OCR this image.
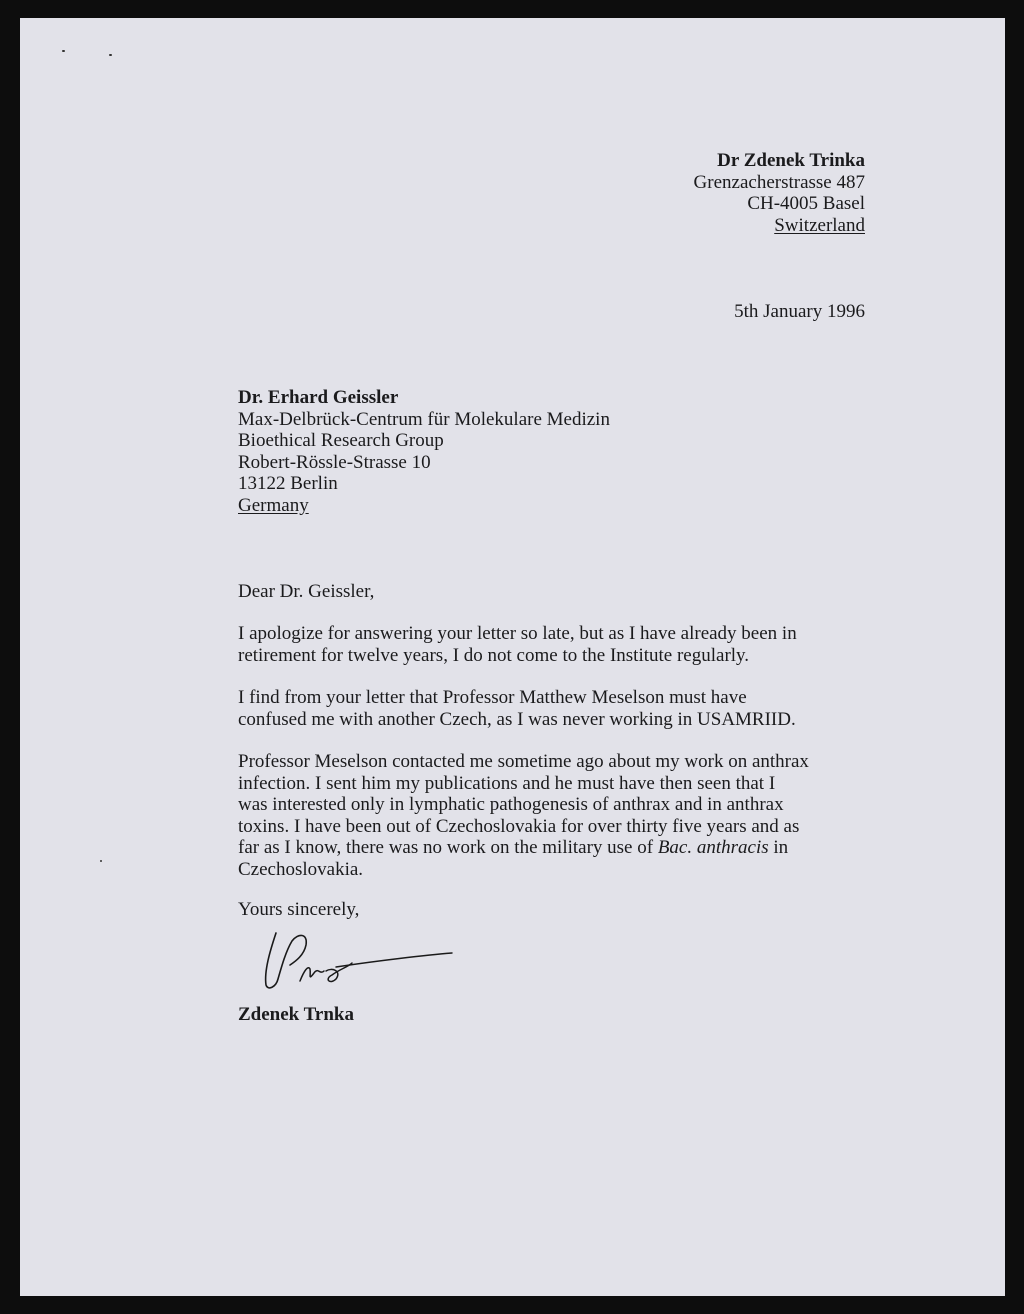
Dr Zdenek Trinka
Grenzacherstrasse 487
CH-4005 Basel
Switzerland
5th January 1996
Dr. Erhard Geissler
Max-Delbrück-Centrum für Molekulare Medizin
Bioethical Research Group
Robert-Rössle-Strasse 10
13122 Berlin
Germany
Dear Dr. Geissler,
I apologize for answering your letter so late, but as I have already been in
retirement for twelve years, I do not come to the Institute regularly.
I find from your letter that Professor Matthew Meselson must have
confused me with another Czech, as I was never working in USAMRIID.
Professor Meselson contacted me sometime ago about my work on anthrax
infection. I sent him my publications and he must have then seen that I
was interested only in lymphatic pathogenesis of anthrax and in anthrax
toxins. I have been out of Czechoslovakia for over thirty five years and as
far as I know, there was no work on the military use of Bac. anthracis in
Czechoslovakia.
Yours sincerely,
Zdenek Trnka
